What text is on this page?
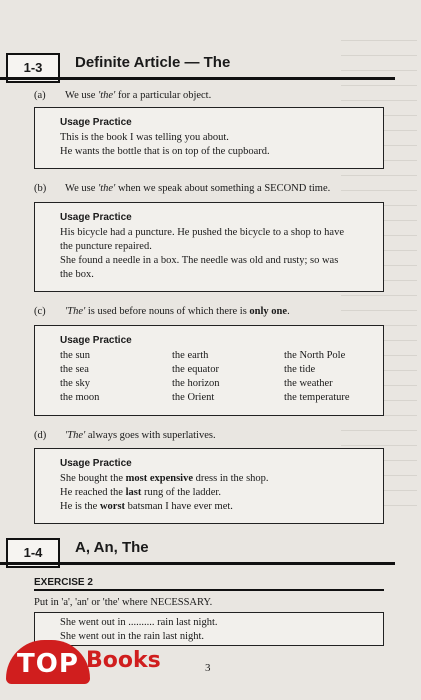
1-3	Definite Article — The
(a) We use 'the' for a particular object.
Usage Practice

This is the book I was telling you about.

He wants the bottle that is on top of the cupboard.

(b) We use 'the' when we speak about something a SECOND time.
Usage Practice

His bicycle had a puncture. He pushed the bicycle to a shop to have

the puncture repaired.

She found a needle in a box. The needle was old and rusty; so was

the box.

(c) 'The' is used before nouns of which there is only one.
Usage Practice
the sun	the earth	the North Pole
the sea	the equator	the tide
the sky	the horizon	the weather
the moon	the Orient	the temperature
(d) 'The' always goes with superlatives.
Usage Practice

She bought the most expensive dress in the shop.

He reached the last rung of the ladder.

He is the worst batsman I have ever met.

1-4	A, An, The
EXERCISE 2
Put in 'a', 'an' or 'the' where NECESSARY.

She went out in .......... rain last night.

She went out in the rain last night.

TOP Books	3
